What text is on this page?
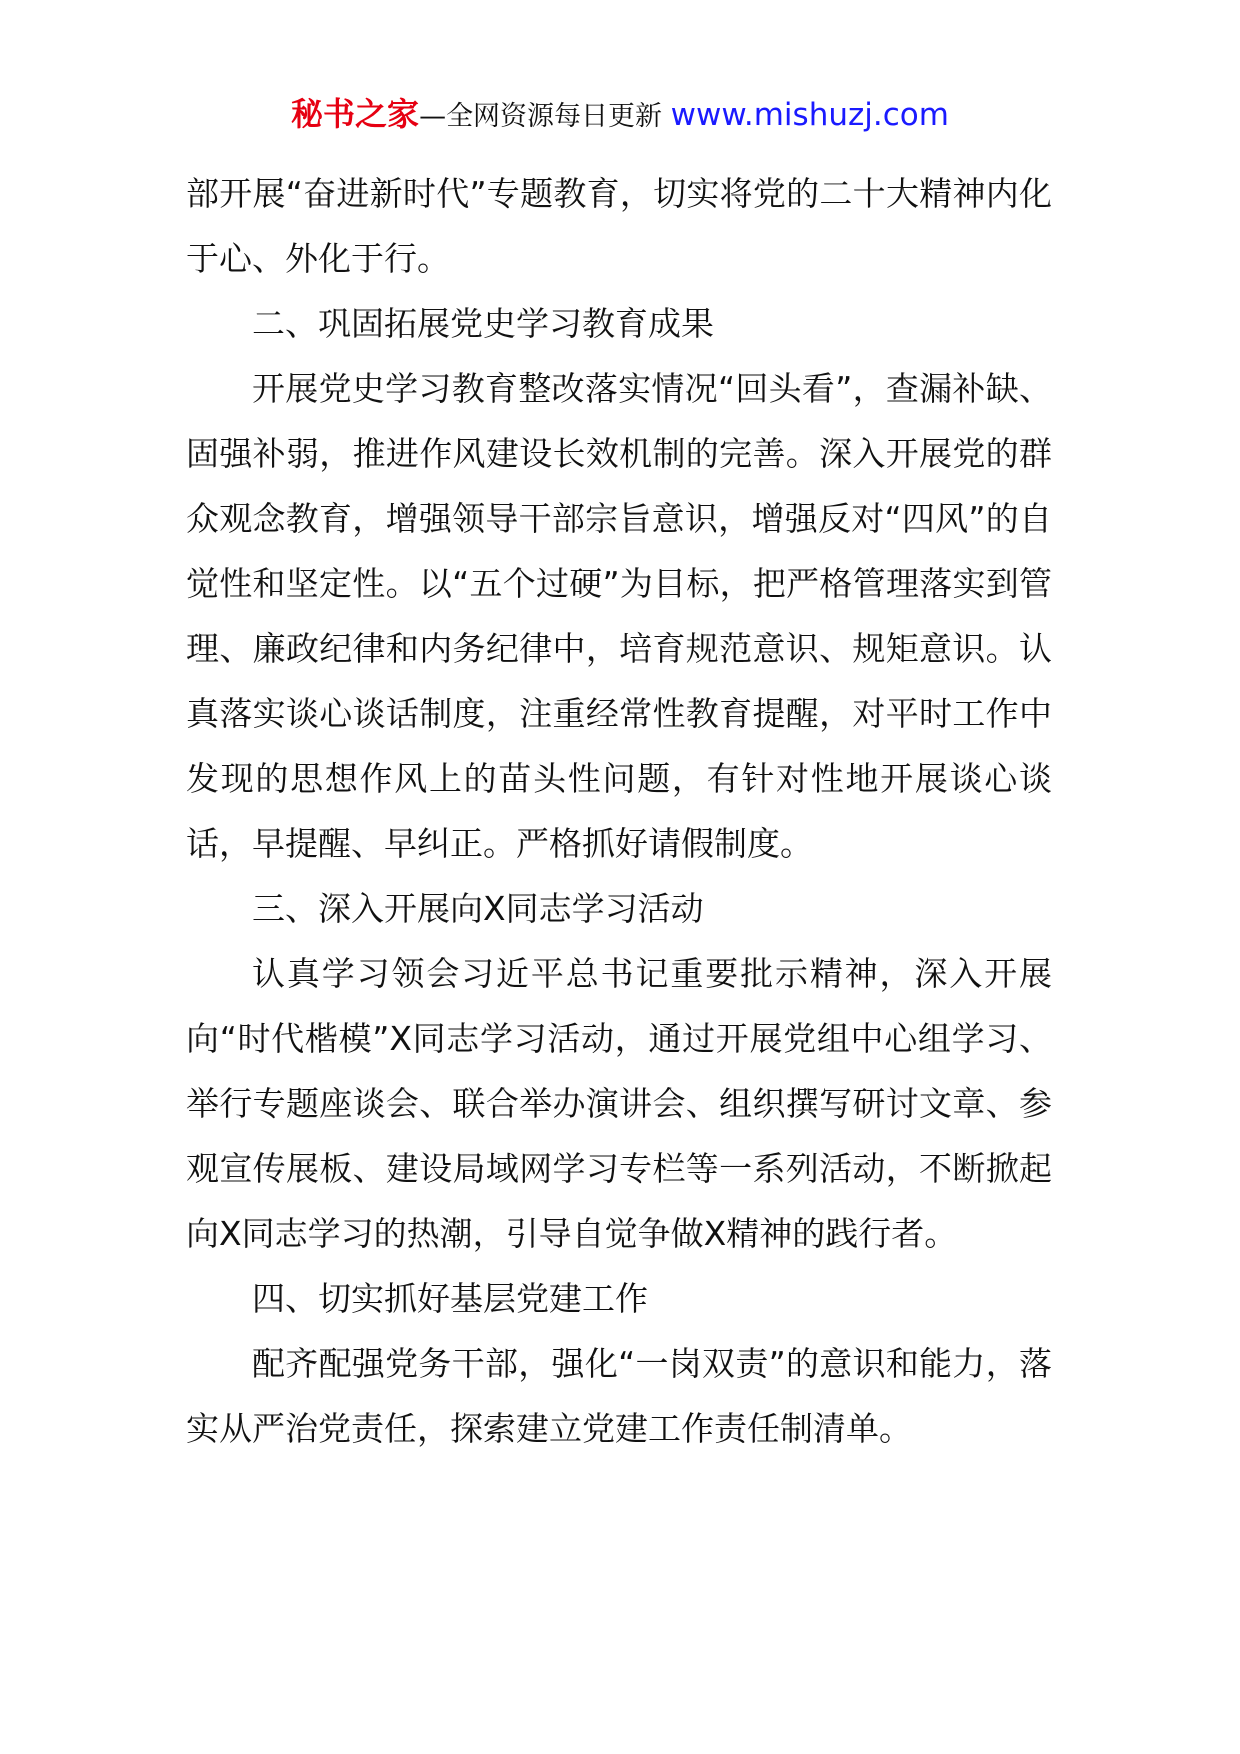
秘书之家—全网资源每日更新 www.mishuzj.com

部开展“奋进新时代”专题教育，切实将党的二十大精神内化于心、外化于行。

二、巩固拓展党史学习教育成果

开展党史学习教育整改落实情况“回头看”，查漏补缺、固强补弱，推进作风建设长效机制的完善。深入开展党的群众观念教育，增强领导干部宗旨意识，增强反对“四风”的自觉性和坚定性。以“五个过硬”为目标，把严格管理落实到管理、廉政纪律和内务纪律中，培育规范意识、规矩意识。认真落实谈心谈话制度，注重经常性教育提醒，对平时工作中发现的思想作风上的苗头性问题，有针对性地开展谈心谈话，早提醒、早纠正。严格抓好请假制度。

三、深入开展向X同志学习活动

认真学习领会习近平总书记重要批示精神，深入开展向“时代楷模”X同志学习活动，通过开展党组中心组学习、举行专题座谈会、联合举办演讲会、组织撰写研讨文章、参观宣传展板、建设局域网学习专栏等一系列活动，不断掀起向X同志学习的热潮，引导自觉争做X精神的践行者。

四、切实抓好基层党建工作

配齐配强党务干部，强化“一岗双责”的意识和能力，落实从严治党责任，探索建立党建工作责任制清单。
